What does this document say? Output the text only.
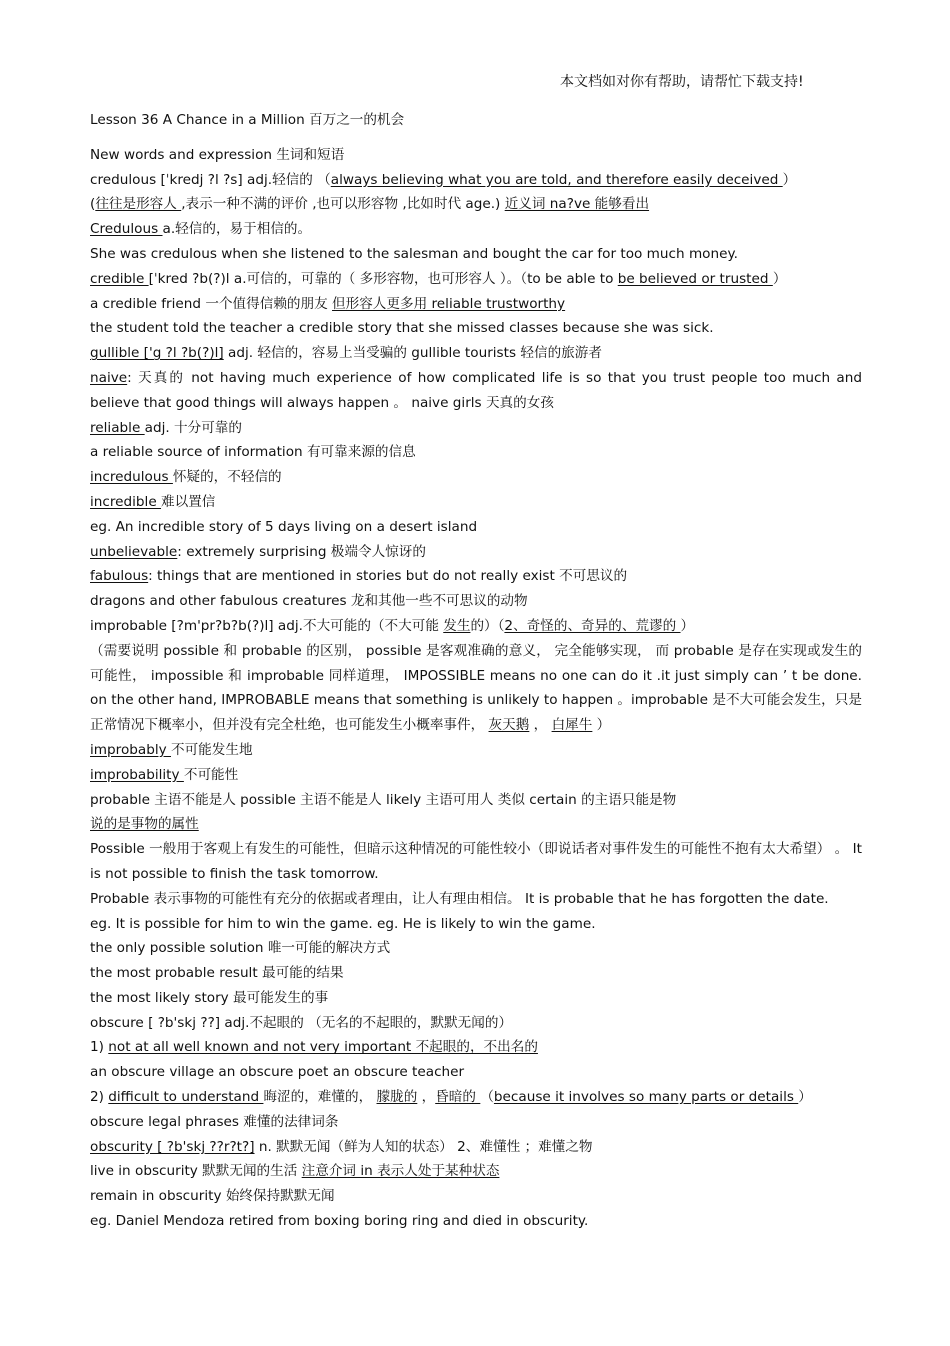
本文档如对你有帮助，请帮忙下载支持!
Lesson 36 A Chance in a Million 百万之一的机会
New words and expression 生词和短语
credulous [ˈkredj ?l ?s] adj.轻信的 （always believing what you are told, and therefore easily deceived ）
(往往是形容人 ,表示一种不满的评价 ,也可以形容物 ,比如时代 age.) 近义词 na?ve 能够看出
Credulous a.轻信的，易于相信的。
She was credulous when she listened to the salesman and bought the car for too much money.
credible [ˈkred ?b(?)l a.可信的，可靠的（ 多形容物，也可形容人 ）。（to be able to be believed or trusted ）
a credible friend 一个值得信赖的朋友 但形容人更多用 reliable trustworthy
the student told the teacher a credible story that she missed classes because she was sick.
gullible ['g ?l ?b(?)l] adj. 轻信的，容易上当受骗的 gullible tourists 轻信的旅游者
naive: 天真的 not having much experience of how complicated life is so that you trust people too much and believe that good things will always happen 。 naive girls 天真的女孩
reliable adj. 十分可靠的
a reliable source of information 有可靠来源的信息
incredulous 怀疑的，不轻信的
incredible 难以置信
eg. An incredible story of 5 days living on a desert island
unbelievable: extremely surprising 极端令人惊讶的
fabulous: things that are mentioned in stories but do not really exist 不可思议的
dragons and other fabulous creatures 龙和其他一些不可思议的动物
improbable [?m'pr?b?b(?)l] adj.不大可能的（不大可能 发生的）（2、奇怪的、奇异的、荒谬的 ）
（需要说明 possible 和 probable 的区别， possible 是客观准确的意义， 完全能够实现， 而 probable 是存在实现或发生的可能性， impossible 和 improbable 同样道理， IMPOSSIBLE means no one can do it .it just simply can ’ t be done. on the other hand, IMPROBABLE means that something is unlikely to happen 。improbable 是不大可能会发生，只是正常情况下概率小，但并没有完全杜绝，也可能发生小概率事件， 灰天鹅 ， 白犀牛 ）
improbably 不可能发生地
improbability 不可能性
probable 主语不能是人 possible 主语不能是人 likely 主语可用人 类似 certain 的主语只能是物
说的是事物的属性
Possible 一般用于客观上有发生的可能性，但暗示这种情况的可能性较小（即说话者对事件发生的可能性不抱有太大希望） 。 It is not possible to finish the task tomorrow.
Probable 表示事物的可能性有充分的依据或者理由，让人有理由相信。 It is probable that he has forgotten the date.
eg. It is possible for him to win the game. eg. He is likely to win the game.
the only possible solution 唯一可能的解决方式
the most probable result 最可能的结果
the most likely story 最可能发生的事
obscure [ ?b'skj ??] adj.不起眼的 （无名的不起眼的，默默无闻的）
1) not at all well known and not very important 不起眼的，不出名的
an obscure village an obscure poet an obscure teacher
2) difficult to understand 晦涩的，难懂的， 朦胧的 ，昏暗的 （because it involves so many parts or details ）
obscure legal phrases 难懂的法律词条
obscurity [ ?b'skj ??r?t?] n. 默默无闻（鲜为人知的状态） 2、难懂性 ；难懂之物
live in obscurity 默默无闻的生活 注意介词 in 表示人处于某种状态
remain in obscurity 始终保持默默无闻
eg. Daniel Mendoza retired from boxing boring ring and died in obscurity.
